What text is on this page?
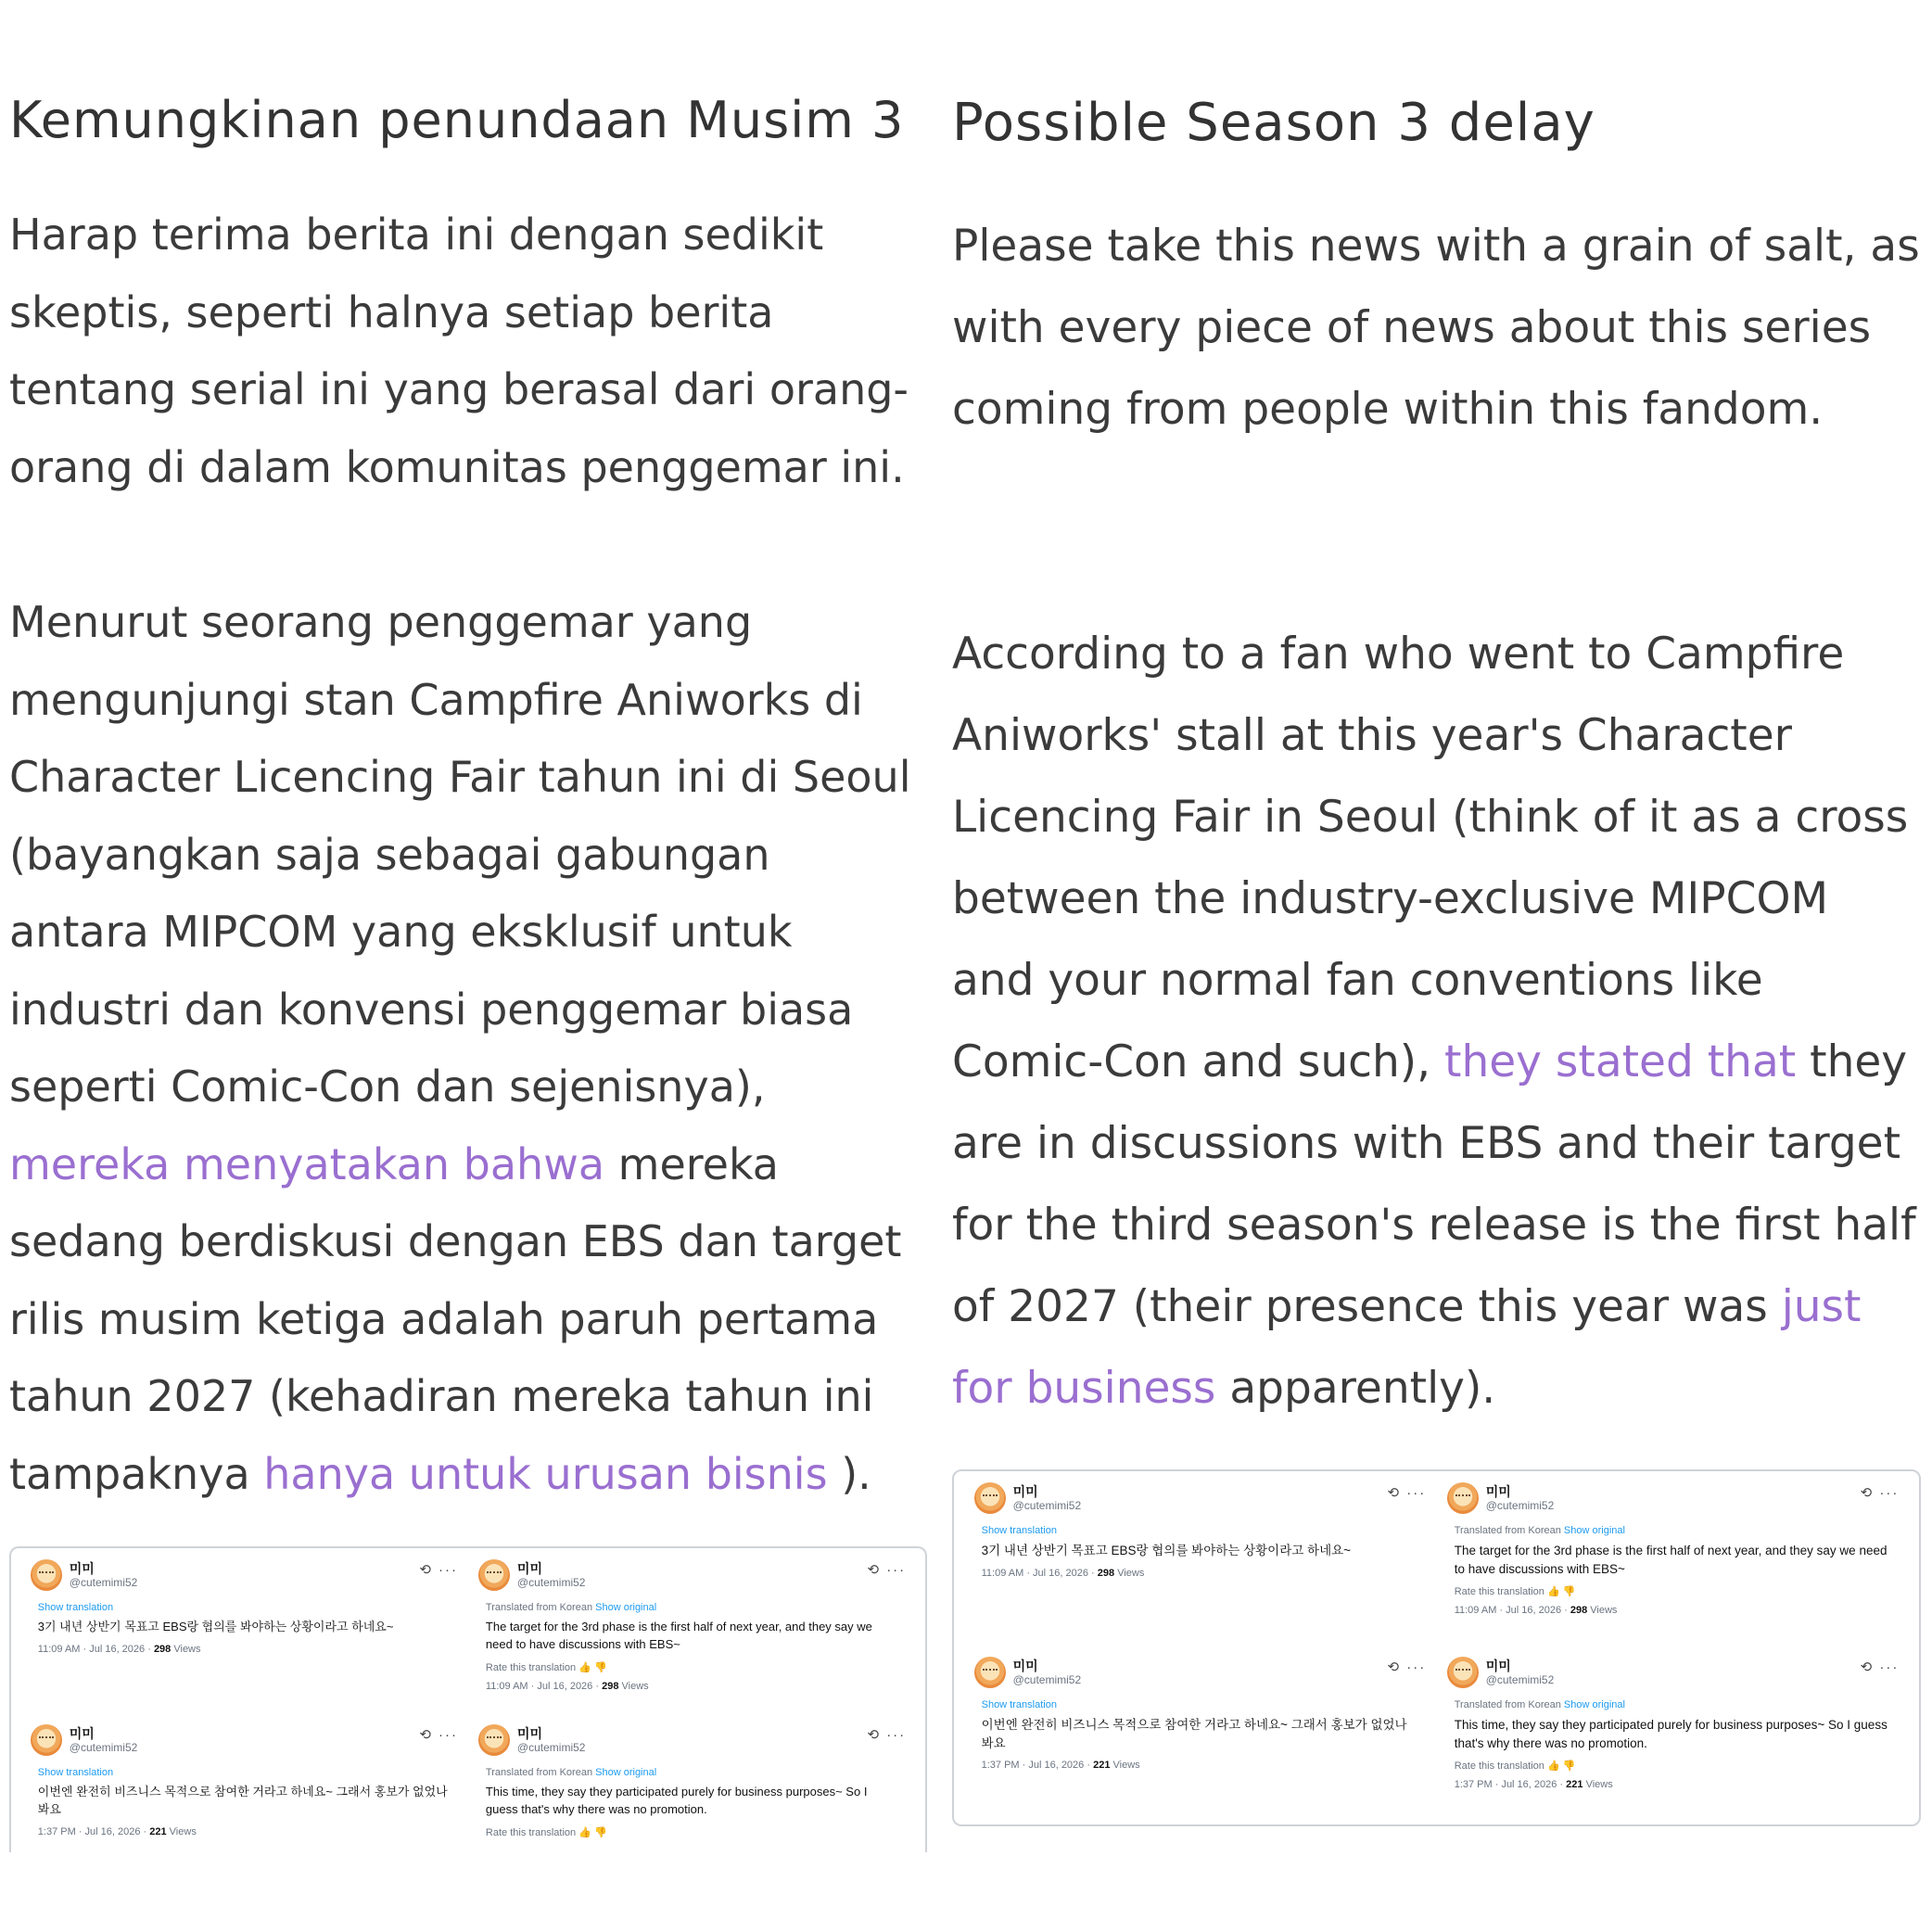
Kemungkinan penundaan Musim 3

Harap terima berita ini dengan sedikit skeptis, seperti halnya setiap berita tentang serial ini yang berasal dari orang-orang di dalam komunitas penggemar ini.

Menurut seorang penggemar yang mengunjungi stan Campfire Aniworks di Character Licencing Fair tahun ini di Seoul (bayangkan saja sebagai gabungan antara MIPCOM yang eksklusif untuk industri dan konvensi penggemar biasa seperti Comic-Con dan sejenisnya), mereka menyatakan bahwa mereka sedang berdiskusi dengan EBS dan target rilis musim ketiga adalah paruh pertama tahun 2027 (kehadiran mereka tahun ini tampaknya hanya untuk urusan bisnis ).

Possible Season 3 delay

Please take this news with a grain of salt, as with every piece of news about this series coming from people within this fandom.

According to a fan who went to Campfire Aniworks' stall at this year's Character Licencing Fair in Seoul (think of it as a cross between the industry-exclusive MIPCOM and your normal fan conventions like Comic-Con and such), they stated that they are in discussions with EBS and their target for the third season's release is the first half of 2027 (their presence this year was just for business apparently).

미미
@cutemimi52
⟲ ···
Show translation
3기 내년 상반기 목표고 EBS랑 협의를 봐야하는 상황이라고 하네요~
11:09 AM · Jul 16, 2026 · 298 Views
미미
@cutemimi52
⟲ ···
Translated from Korean Show original
The target for the 3rd phase is the first half of next year, and they say we need to have discussions with EBS~
Rate this translation 👍 👎
11:09 AM · Jul 16, 2026 · 298 Views
미미
@cutemimi52
⟲ ···
Show translation
이번엔 완전히 비즈니스 목적으로 참여한 거라고 하네요~ 그래서 홍보가 없었나봐요
1:37 PM · Jul 16, 2026 · 221 Views
미미
@cutemimi52
⟲ ···
Translated from Korean Show original
This time, they say they participated purely for business purposes~ So I guess that's why there was no promotion.
Rate this translation 👍 👎
미미
@cutemimi52
⟲ ···
Show translation
3기 내년 상반기 목표고 EBS랑 협의를 봐야하는 상황이라고 하네요~
11:09 AM · Jul 16, 2026 · 298 Views
미미
@cutemimi52
⟲ ···
Translated from Korean Show original
The target for the 3rd phase is the first half of next year, and they say we need to have discussions with EBS~
Rate this translation 👍 👎
11:09 AM · Jul 16, 2026 · 298 Views
미미
@cutemimi52
⟲ ···
Show translation
이번엔 완전히 비즈니스 목적으로 참여한 거라고 하네요~ 그래서 홍보가 없었나봐요
1:37 PM · Jul 16, 2026 · 221 Views
미미
@cutemimi52
⟲ ···
Translated from Korean Show original
This time, they say they participated purely for business purposes~ So I guess that's why there was no promotion.
Rate this translation 👍 👎
1:37 PM · Jul 16, 2026 · 221 Views
